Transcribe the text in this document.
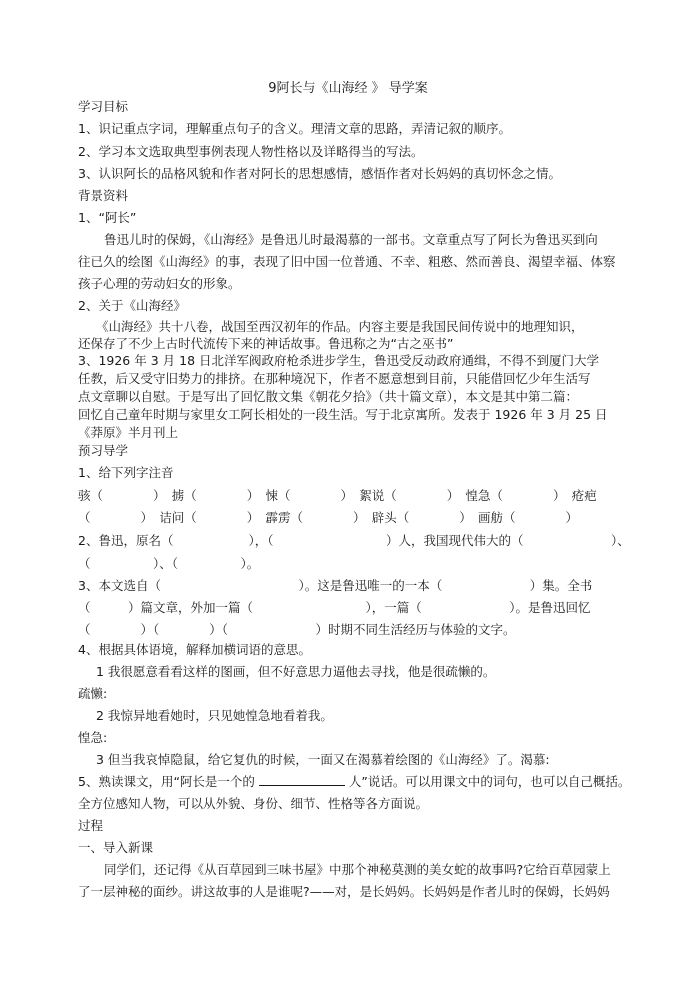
9阿长与《山海经 》 导学案
学习目标
1、识记重点字词，理解重点句子的含义。理清文章的思路，弄清记叙的顺序。
2、学习本文选取典型事例表现人物性格以及详略得当的写法。
3、认识阿长的品格风貌和作者对阿长的思想感情，感悟作者对长妈妈的真切怀念之情。
背景资料
1、“阿长”
鲁迅儿时的保姆，《山海经》是鲁迅儿时最渴慕的一部书。文章重点写了阿长为鲁迅买到向
往已久的绘图《山海经》的事，表现了旧中国一位普通、不幸、粗憨、然而善良、渴望幸福、体察
孩子心理的劳动妇女的形象。
2、关于《山海经》
《山海经》共十八卷，战国至西汉初年的作品。内容主要是我国民间传说中的地理知识，
还保存了不少上古时代流传下来的神话故事。鲁迅称之为“古之巫书”
3、1926 年 3 月 18 日北洋军阀政府枪杀进步学生，鲁迅受反动政府通缉，不得不到厦门大学
任教，后又受守旧势力的排挤。在那种境况下，作者不愿意想到目前，只能借回忆少年生活写
点文章聊以自慰。于是写出了回忆散文集《朝花夕拾》（共十篇文章），本文是其中第二篇：
回忆自己童年时期与家里女工阿长相处的一段生活。写于北京寓所。发表于 1926 年 3 月 25 日
《莽原》半月刊上
预习导学
1、给下列字注音
骇（　　　　）　掳（　　　　）　悚（　　　　）　絮说（　　　　）　惶急（　　　　）　疮疤
（　　　　）　诘问（　　　　）　霹雳（　　　　）　辟头（　　　　）　画舫（　　　　）
2、鲁迅，原名（　　　　　　），（　　　　　　　　　）人，我国现代伟大的（　　　　　　　）、
（　　　　　）、（　　　　　）。
3、本文选自（　　　　　　　　　　　）。这是鲁迅唯一的一本（　　　　　　　）集。全书
（　　　）篇文章，外加一篇（　　　　　　　　　），一篇（　　　　　　　）。是鲁迅回忆
（　　　　）（　　　　）（　　　　　　　）时期不同生活经历与体验的文字。
4、根据具体语境，解释加横词语的意思。
1 我很愿意看看这样的图画，但不好意思力逼他去寻找，他是很疏懒的。
疏懒:
2 我惊异地看她时，只见她惶急地看着我。
惶急:
3 但当我哀悼隐鼠，给它复仇的时候，一面又在渴慕着绘图的《山海经》了。渴慕:
5、熟读课文，用“阿长是一个的	人”说话。可以用课文中的词句，也可以自己概括。
全方位感知人物，可以从外貌、身份、细节、性格等各方面说。
过程
一、导入新课
同学们，还记得《从百草园到三味书屋》中那个神秘莫测的美女蛇的故事吗?它给百草园蒙上
了一层神秘的面纱。讲这故事的人是谁呢?——对，是长妈妈。长妈妈是作者儿时的保姆，长妈妈
